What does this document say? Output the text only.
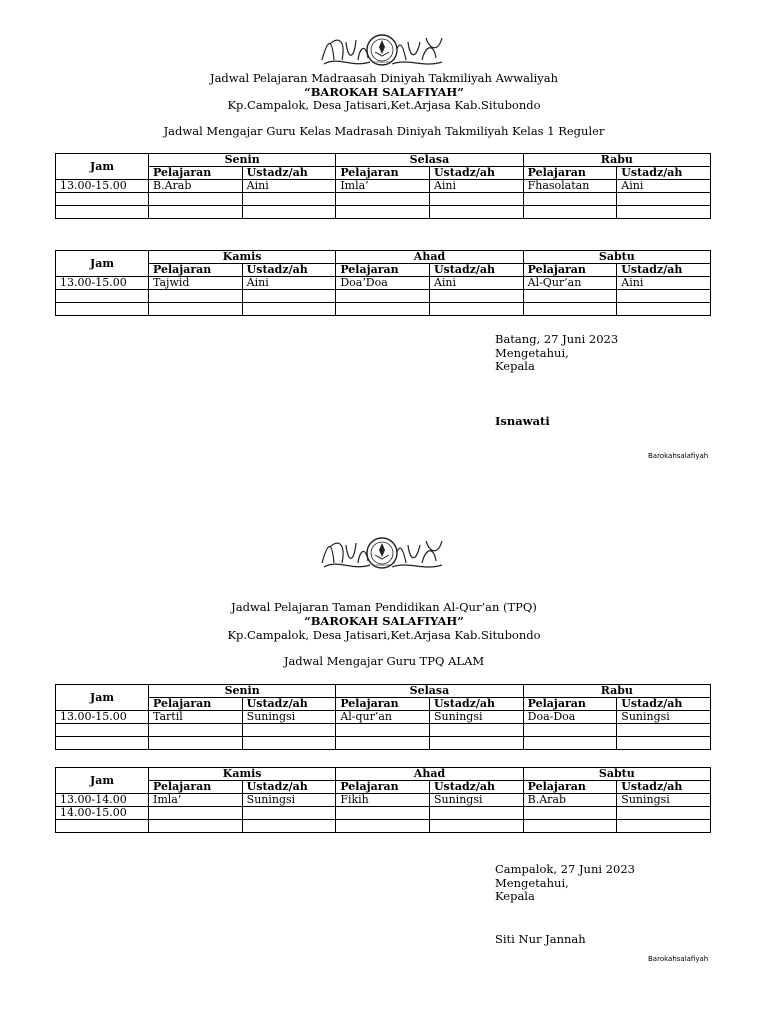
CAMPALOK
Jadwal Pelajaran Madraasah Diniyah Takmiliyah Awwaliyah
“BAROKAH SALAFIYAH”
Kp.Campalok, Desa Jatisari,Ket.Arjasa Kab.Situbondo
Jadwal Mengajar Guru Kelas Madrasah Diniyah Takmiliyah Kelas 1 Reguler
Jam	Senin		Selasa		Rabu	
	Pelajaran	Ustadz/ah	Pelajaran	Ustadz/ah	Pelajaran	Ustadz/ah
13.00-15.00	B.Arab	Aini	Imla’	Aini	Fhasolatan	Aini

Jam	Kamis		Ahad		Sabtu	
	Pelajaran	Ustadz/ah	Pelajaran	Ustadz/ah	Pelajaran	Ustadz/ah
13.00-15.00	Tajwid	Aini	Doa’Doa	Aini	Al-Qur’an	Aini

Batang, 27 Juni 2023
Mengetahui,
Kepala
Isnawati
Barokahsalafiyah
CAMPALOK
Jadwal Pelajaran Taman Pendidikan Al-Qur’an (TPQ)
“BAROKAH SALAFIYAH”
Kp.Campalok, Desa Jatisari,Ket.Arjasa Kab.Situbondo
Jadwal Mengajar Guru TPQ ALAM
Jam	Senin		Selasa		Rabu	
	Pelajaran	Ustadz/ah	Pelajaran	Ustadz/ah	Pelajaran	Ustadz/ah
13.00-15.00	Tartil	Suningsi	Al-qur’an	Suningsi	Doa-Doa	Suningsi

Jam	Kamis		Ahad		Sabtu	
	Pelajaran	Ustadz/ah	Pelajaran	Ustadz/ah	Pelajaran	Ustadz/ah
13.00-14.00	Imla’	Suningsi	Fikih	Suningsi	B.Arab	Suningsi
14.00-15.00						

Campalok, 27 Juni 2023
Mengetahui,
Kepala
Siti Nur Jannah
Barokahsalafiyah
